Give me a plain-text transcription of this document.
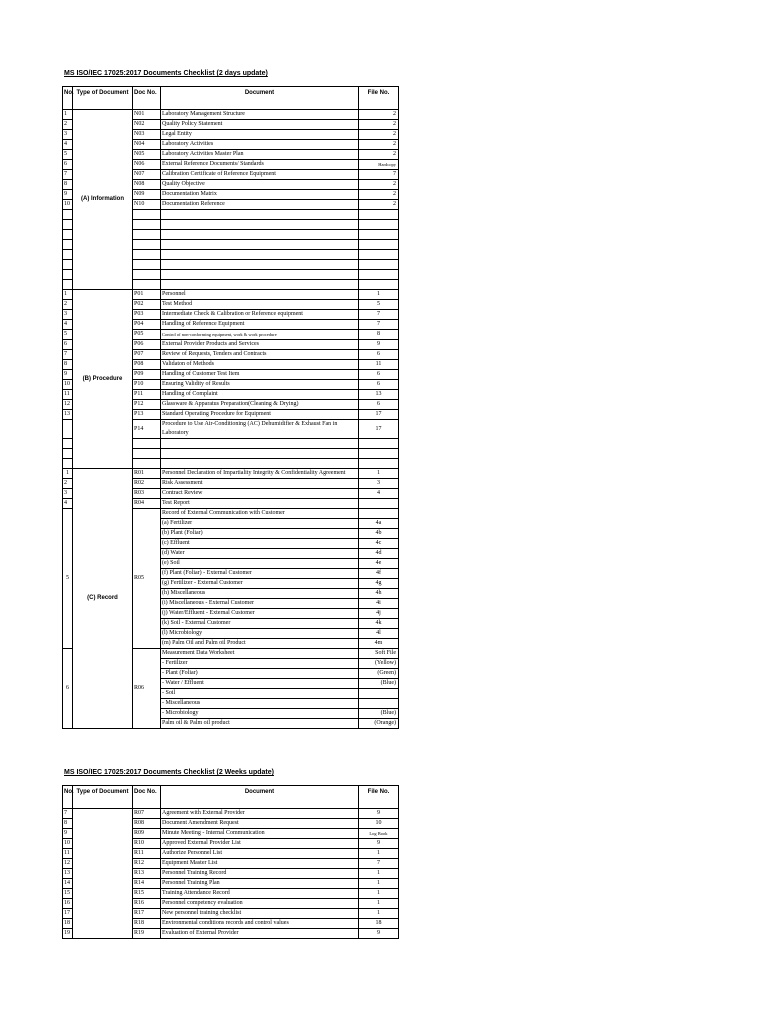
MS ISO/IEC 17025:2017 Documents Checklist (2 days update)
No.	Type of Document	Doc No.	Document	File No.
1	(A) Information	N01	Laboratory Management Structure	2
2		N02	Quality Policy Statement	2
3		N03	Legal Entity	2
4		N04	Laboratory Activities	2
5		N05	Laboratory Activities Master Plan	2
6		N06	External Reference Documents/ Standards	Hardcopy
7		N07	Calibration Certificate of Reference Equipment	7
8		N08	Quality Objective	2
9		N09	Documentation Matrix	2
10		N10	Documentation Reference	2

1	(B) Procedure	P01	Personnel	1
2		P02	Test Method	5
3		P03	Intermediate Check & Calibration or Reference equipment	7
4		P04	Handling of Reference Equipment	7
5		P05	Control of non-conforming equipment, work & work procedure	8
6		P06	External Provider Products and Services	9
7		P07	Review of Requests, Tenders and Contracts	6
8		P08	Validaton of Methods	11
9		P09	Handling of Customer Test Item	6
10		P10	Ensuring Validity of Results	6
11		P11	Handling of Complaint	13
12		P12	Glassware & Apparatus Preparation(Cleaning & Drying)	6
13		P13	Standard Operating Procedure for Equipment	17
		P14	Procedure to Use Air-Conditioning (AC) Dehumidifier & Exhaust Fan in Laboratory	17

1	(C) Record	R01	Personnel Declaration of Impartiality Integrity & Confidentiality Agreement	1
2		R02	Risk Assessment	3
3		R03	Contract Review	4
4		R04	Test Report	
5		R05	Record of External Communication with Customer	
			(a) Fertilizer	4a
			(b) Plant (Foliar)	4b
			(c) Effluent	4c
			(d) Water	4d
			(e) Soil	4e
			(f) Plant (Foliar) - External Customer	4f
			(g) Fertilizer - External Customer	4g
			(h) Miscellaneous	4h
			(i) Miscellaneous - External Customer	4i
			(j) Water/Effluent - External Customer	4j
			(k) Soil - External Customer	4k
			(l) Microbiology	4l
			(m) Palm Oil and Palm oil Product	4m
6		R06	Measurement Data Worksheet	Soft File
			- Fertilizer	(Yellow)
			- Plant (Foliar)	(Green)
			- Water / Effluent	(Blue)
			- Soil	
			- Miscellaneous	
			- Microbiology	(Blue)
			Palm oil & Palm oil product	(Orange)
MS ISO/IEC 17025:2017 Documents Checklist (2 Weeks update)
No.	Type of Document	Doc No.	Document	File No.
7		R07	Agreement with External Provider	9
8		R08	Document Amendment Request	10
9		R09	Minute Meeting - Internal Communication	Log Book
10		R10	Approved External Provider List	9
11		R11	Authorize Personnel List	1
12		R12	Equipment Master List	7
13		R13	Personnel Training Record	1
14		R14	Personnel Training Plan	1
15		R15	Training Attendance Record	1
16		R16	Personnel competency evaluation	1
17		R17	New personnel training checklist	1
18		R18	Environmental conditions records and control values	18
19		R19	Evaluation of External Provider	9
